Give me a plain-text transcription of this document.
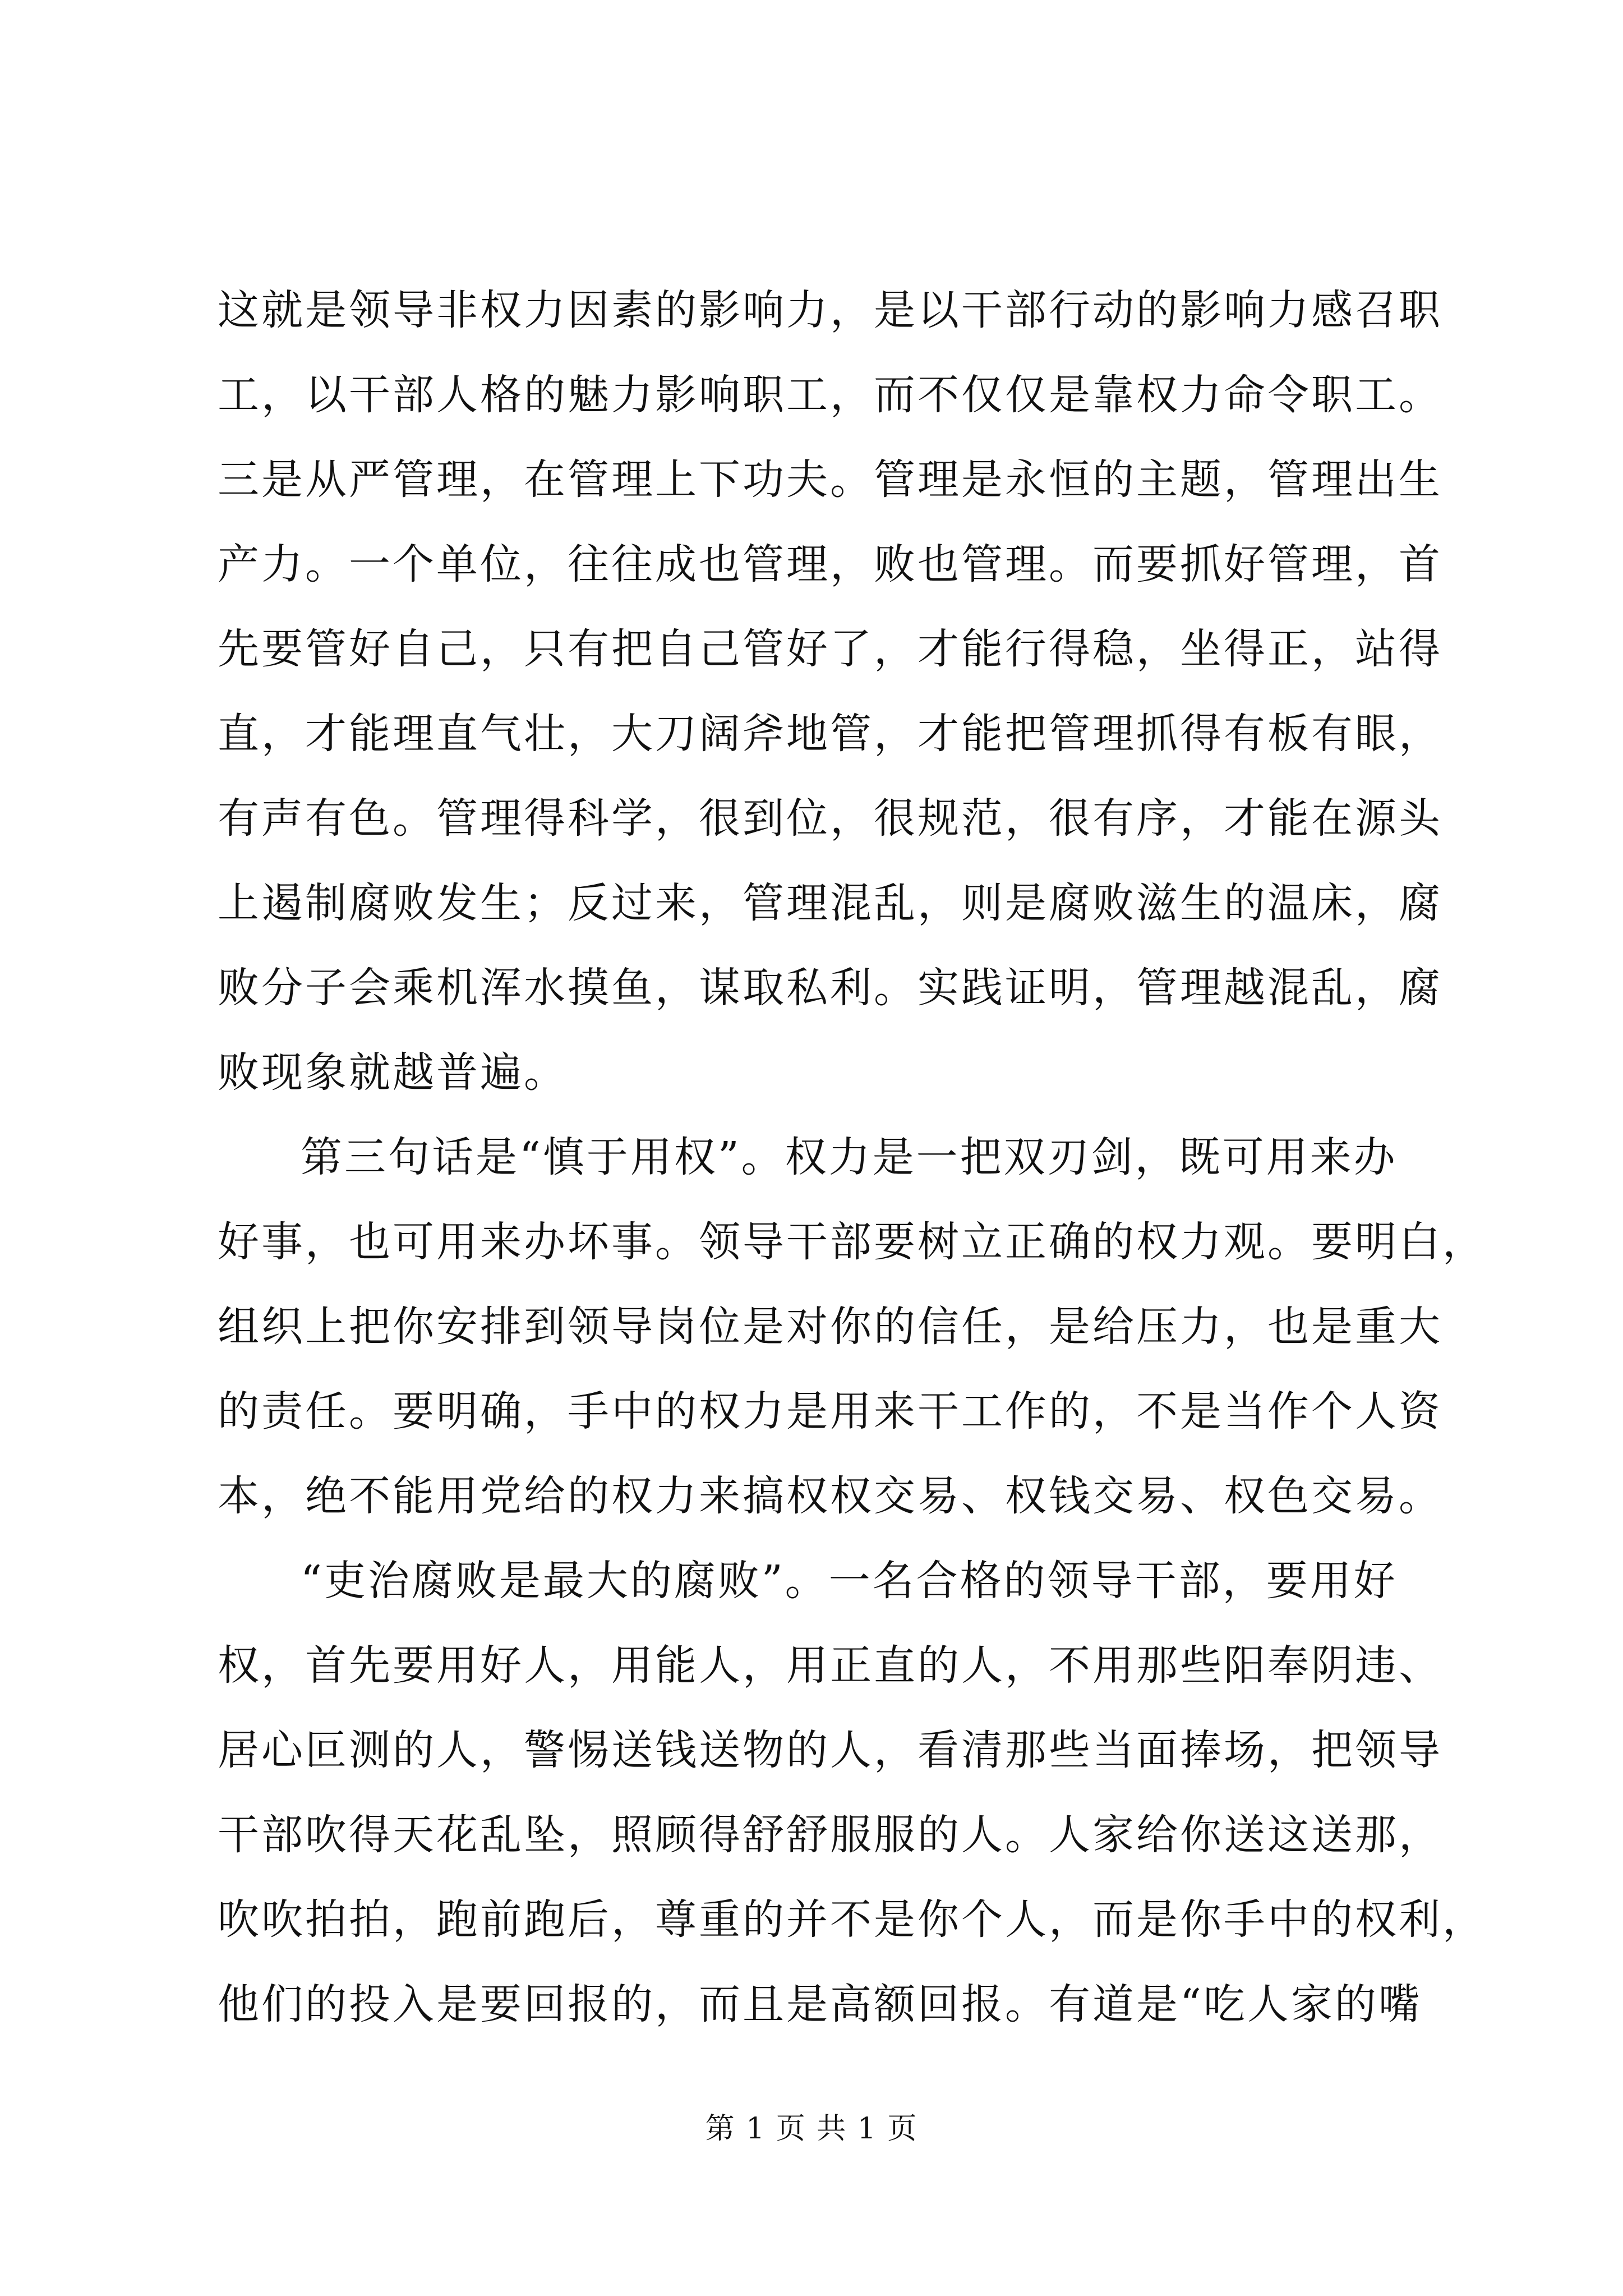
这就是领导非权力因素的影响力，是以干部行动的影响力感召职
工，以干部人格的魅力影响职工，而不仅仅是靠权力命令职工。
三是从严管理，在管理上下功夫。管理是永恒的主题，管理出生
产力。一个单位，往往成也管理，败也管理。而要抓好管理，首
先要管好自己，只有把自己管好了，才能行得稳，坐得正，站得
直，才能理直气壮，大刀阔斧地管，才能把管理抓得有板有眼，
有声有色。管理得科学，很到位，很规范，很有序，才能在源头
上遏制腐败发生；反过来，管理混乱，则是腐败滋生的温床，腐
败分子会乘机浑水摸鱼，谋取私利。实践证明，管理越混乱，腐
败现象就越普遍。
第三句话是“慎于用权”。权力是一把双刃剑，既可用来办
好事，也可用来办坏事。领导干部要树立正确的权力观。要明白，
组织上把你安排到领导岗位是对你的信任，是给压力，也是重大
的责任。要明确，手中的权力是用来干工作的，不是当作个人资
本，绝不能用党给的权力来搞权权交易、权钱交易、权色交易。
“吏治腐败是最大的腐败”。一名合格的领导干部，要用好
权，首先要用好人，用能人，用正直的人，不用那些阳奉阴违、
居心叵测的人，警惕送钱送物的人，看清那些当面捧场，把领导
干部吹得天花乱坠，照顾得舒舒服服的人。人家给你送这送那，
吹吹拍拍，跑前跑后，尊重的并不是你个人，而是你手中的权利，
他们的投入是要回报的，而且是高额回报。有道是“吃人家的嘴
第 1 页 共 1 页
